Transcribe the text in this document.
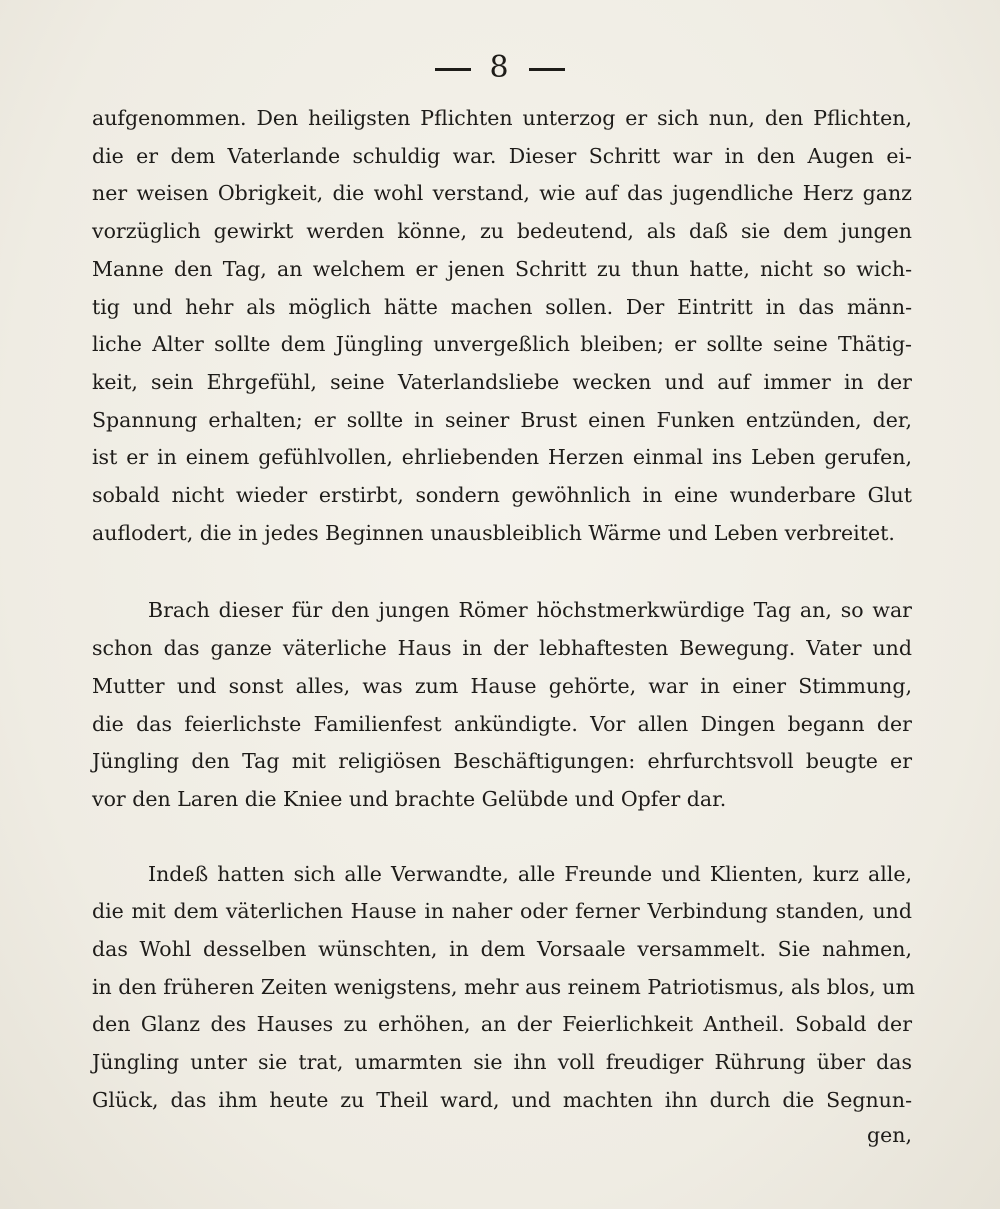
8

aufgenommen. Den heiligsten Pflichten unterzog er sich nun, den Pflichten,
die er dem Vaterlande schuldig war. Dieser Schritt war in den Augen ei-
ner weisen Obrigkeit, die wohl verstand, wie auf das jugendliche Herz ganz
vorzüglich gewirkt werden könne, zu bedeutend, als daß sie dem jungen
Manne den Tag, an welchem er jenen Schritt zu thun hatte, nicht so wich-
tig und hehr als möglich hätte machen sollen. Der Eintritt in das männ-
liche Alter sollte dem Jüngling unvergeßlich bleiben; er sollte seine Thätig-
keit, sein Ehrgefühl, seine Vaterlandsliebe wecken und auf immer in der
Spannung erhalten; er sollte in seiner Brust einen Funken entzünden, der,
ist er in einem gefühlvollen, ehrliebenden Herzen einmal ins Leben gerufen,
sobald nicht wieder erstirbt, sondern gewöhnlich in eine wunderbare Glut
auflodert, die in jedes Beginnen unausbleiblich Wärme und Leben verbreitet.

Brach dieser für den jungen Römer höchstmerkwürdige Tag an, so war
schon das ganze väterliche Haus in der lebhaftesten Bewegung. Vater und
Mutter und sonst alles, was zum Hause gehörte, war in einer Stimmung,
die das feierlichste Familienfest ankündigte. Vor allen Dingen begann der
Jüngling den Tag mit religiösen Beschäftigungen: ehrfurchtsvoll beugte er
vor den Laren die Kniee und brachte Gelübde und Opfer dar.

Indeß hatten sich alle Verwandte, alle Freunde und Klienten, kurz alle,
die mit dem väterlichen Hause in naher oder ferner Verbindung standen, und
das Wohl desselben wünschten, in dem Vorsaale versammelt. Sie nahmen,
in den früheren Zeiten wenigstens, mehr aus reinem Patriotismus, als blos, um
den Glanz des Hauses zu erhöhen, an der Feierlichkeit Antheil. Sobald der
Jüngling unter sie trat, umarmten sie ihn voll freudiger Rührung über das
Glück, das ihm heute zu Theil ward, und machten ihn durch die Segnun-

gen,
